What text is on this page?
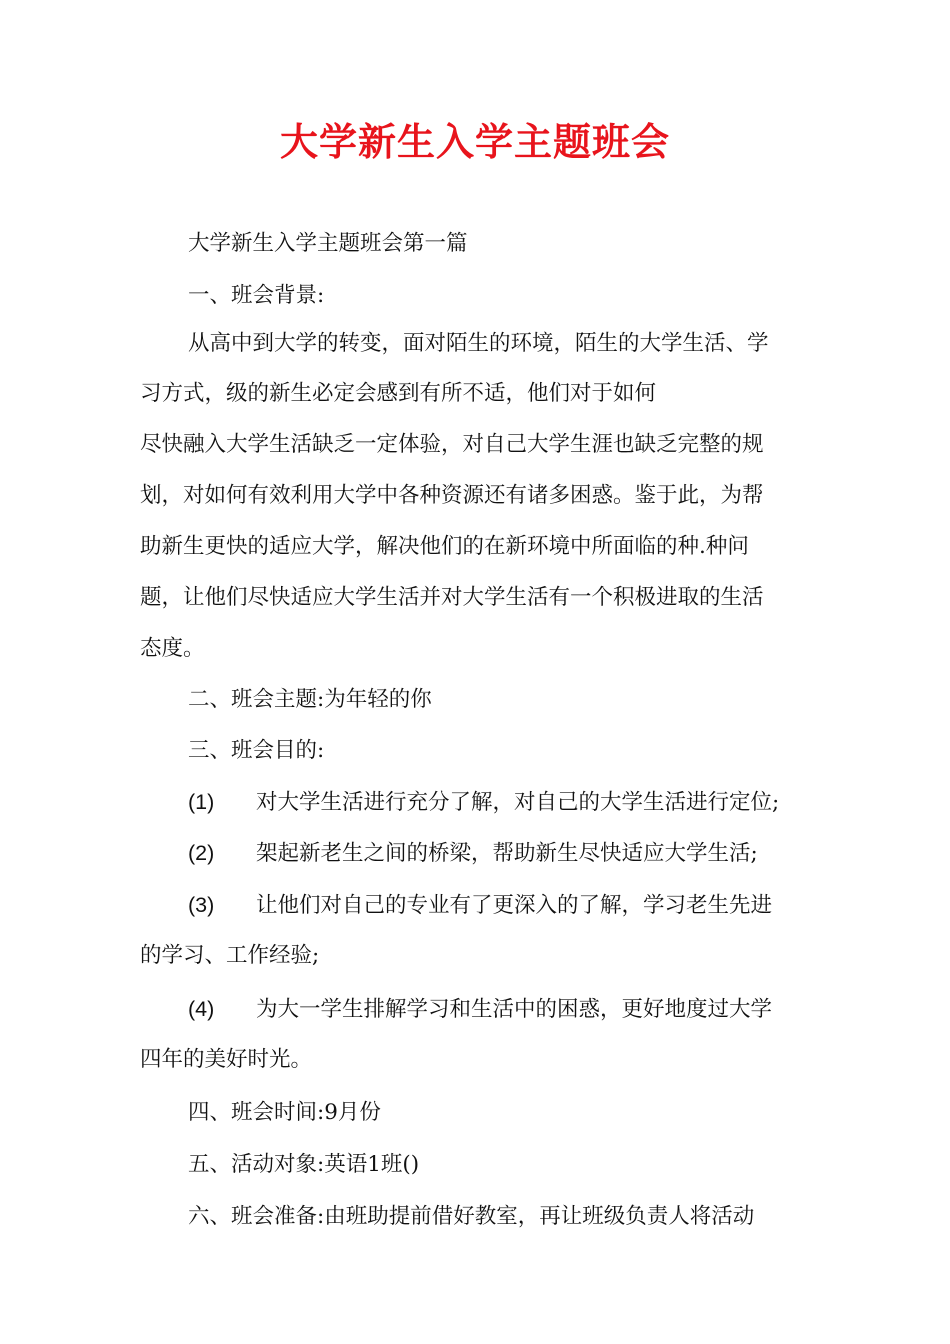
大学新生入学主题班会
大学新生入学主题班会第一篇
一、班会背景:
从高中到大学的转变，面对陌生的环境，陌生的大学生活、学
习方式，级的新生必定会感到有所不适，他们对于如何
尽快融入大学生活缺乏一定体验，对自己大学生涯也缺乏完整的规
划，对如何有效利用大学中各种资源还有诸多困惑。鉴于此，为帮
助新生更快的适应大学，解决他们的在新环境中所面临的种.种问
题，让他们尽快适应大学生活并对大学生活有一个积极进取的生活
态度。
二、班会主题:为年轻的你
三、班会目的:
(1) 对大学生活进行充分了解，对自己的大学生活进行定位;
(2) 架起新老生之间的桥梁，帮助新生尽快适应大学生活;
(3) 让他们对自己的专业有了更深入的了解，学习老生先进
的学习、工作经验;
(4) 为大一学生排解学习和生活中的困惑，更好地度过大学
四年的美好时光。
四、班会时间:9月份
五、活动对象:英语1班()
六、班会准备:由班助提前借好教室，再让班级负责人将活动
